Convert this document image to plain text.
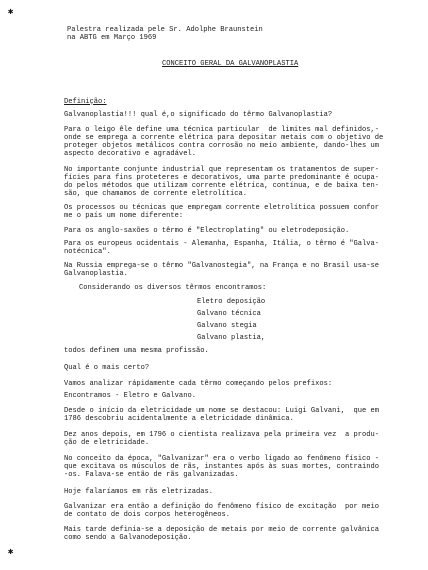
✱
✱
Palestra realizada pele Sr. Adolphe Braunstein
na ABTG em Março 1969
CONCEITO GERAL DA GALVANOPLASTIA
Definição:
Galvanoplastia!!! qual é,o significado do têrmo Galvanoplastia?
Para o leigo êle define uma técnica particular  de limites mal definidos,-
onde se emprega a corrente elétrica para depositar metais com o objetivo de
proteger objetos metálicos contra corrosão no meio ambiente, dando-lhes um
aspecto decorativo e agradável.
No importante conjunte industrial que representam os tratamentos de super-
fícies para fins proteteres e decorativos, uma parte predominante é ocupa-
do pelos métodos que utilizam corrente elétrica, contínua, e de baixa ten-
são, que chamamos de corrente eletrolítica.
Os processos ou técnicas que empregam corrente eletrolítica possuem confor
me o país um nome diferente:
Para os anglo-saxões o têrmo é "Electroplating" ou eletrodeposição.
Para os europeus ocidentais - Alemanha, Espanha, Itália, o têrmo é "Galva-
notécnica".
Na Russia emprega-se o têrmo "Galvanostegia", na França e no Brasil usa-se
Galvanoplastia.
Considerando os diversos têrmos encontramos:
Eletro deposição
Galvano técnica
Galvano stegia
Galvano plastia,
todos definem uma mesma profissão.
Qual é o mais certo?
Vamos analizar rápidamente cada têrmo começando pelos prefixos:
Encontramos - Eletro e Galvano.
Desde o início da eletricidade um nome se destacou: Luigi Galvani,  que em
1786 descobriu acidentalmente a eletricidade dinâmica.
Dez anos depois, em 1796 o cientista realizava pela primeira vez  a produ-
ção de eletricidade.
No conceito da época, "Galvanizar" era o verbo ligado ao fenômeno físico -
que excitava os músculos de rãs, instantes após às suas mortes, contraindo
-os. Falava-se então de rãs galvanizadas.
Hoje falaríamos em rãs eletrizadas.
Galvanizar era então a definição do fenômeno físico de excitação  por meio
de contato de dois corpos heterogêneos.
Mais tarde definia-se a deposição de metais por meio de corrente galvânica
como sendo a Galvanodeposição.
